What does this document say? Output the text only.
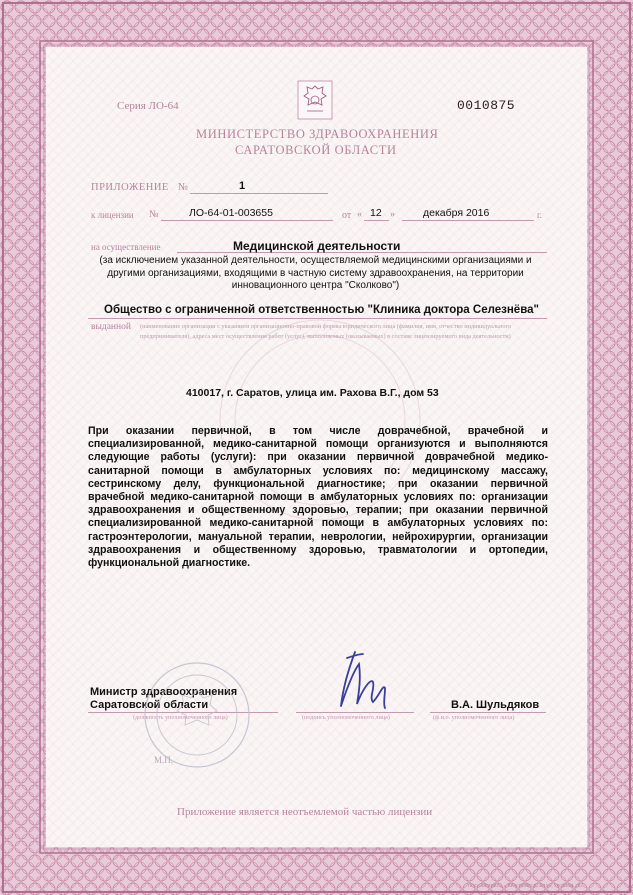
Серия ЛО-64	0010875
МИНИСТЕРСТВО ЗДРАВООХРАНЕНИЯ
САРАТОВСКОЙ ОБЛАСТИ
ПРИЛОЖЕНИЕ №	1
к лицензии №	ЛО-64-01-003655	от « 12 »	декабря 2016	г.
на осуществление	Медицинской деятельности
(за исключением указанной деятельности, осуществляемой медицинскими организациями и другими организациями, входящими в частную систему здравоохранения, на территории инновационного центра "Сколково")
Общество с ограниченной ответственностью "Клиника доктора Селезнёва"
выданной (наименование организации с указанием организационно-правовой формы юридического лица (фамилия, имя, отчество индивидуального предпринимателя), адреса мест осуществления работ (услуг), выполняемых (оказываемых) в составе лицензируемого вида деятельности)
410017, г. Саратов, улица им. Рахова В.Г., дом 53
При оказании первичной, в том числе доврачебной, врачебной и специализированной, медико-санитарной помощи организуются и выполняются следующие работы (услуги): при оказании первичной доврачебной медико-санитарной помощи в амбулаторных условиях по: медицинскому массажу, сестринскому делу, функциональной диагностике; при оказании первичной врачебной медико-санитарной помощи в амбулаторных условиях по: организации здравоохранения и общественному здоровью, терапии; при оказании первичной специализированной медико-санитарной помощи в амбулаторных условиях по: гастроэнтерологии, мануальной терапии, неврологии, нейрохирургии, организации здравоохранения и общественному здоровью, травматологии и ортопедии, функциональной диагностике.
Министр здравоохранения
Саратовской области
(должность уполномоченного лица)	(подпись уполномоченного лица)
В.А. Шульдяков
(ф.и.о. уполномоченного лица)
М.П.
Приложение является неотъемлемой частью лицензии
ООО «ФЕНИКС», г. КРАСНОЯРСК, 2015 г., УРОВЕНЬ «Б»
